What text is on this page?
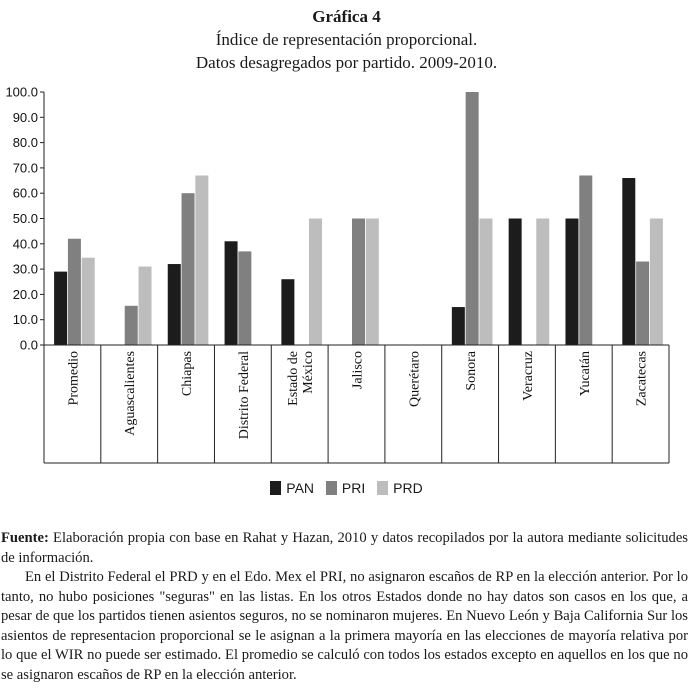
Gráfica 4
Índice de representación proporcional.
Datos desagregados por partido. 2009-2010.
100.0
90.0
80.0
70.0
60.0
50.0
40.0
30.0
20.0
10.0
0.0
Promedio	Aguascalientes	Chiapas	Distrito Federal Estado de México Jalisco	Querétaro	Sonora	Veracruz	Yucatán	Zacatecas
PAN PRI PRD

Fuente: Elaboración propia con base en Rahat y Hazan, 2010 y datos recopilados por la autora mediante solicitudes de información.

En el Distrito Federal el PRD y en el Edo. Mex el PRI, no asignaron escaños de RP en la elección anterior. Por lo tanto, no hubo posiciones "seguras" en las listas. En los otros Estados donde no hay datos son casos en los que, a pesar de que los partidos tienen asientos seguros, no se nominaron mujeres. En Nuevo León y Baja California Sur los asientos de representacion proporcional se le asignan a la primera mayoría en las elecciones de mayoría relativa por lo que el WIR no puede ser estimado. El promedio se calculó con todos los estados excepto en aquellos en los que no se asignaron escaños de RP en la elección anterior.
